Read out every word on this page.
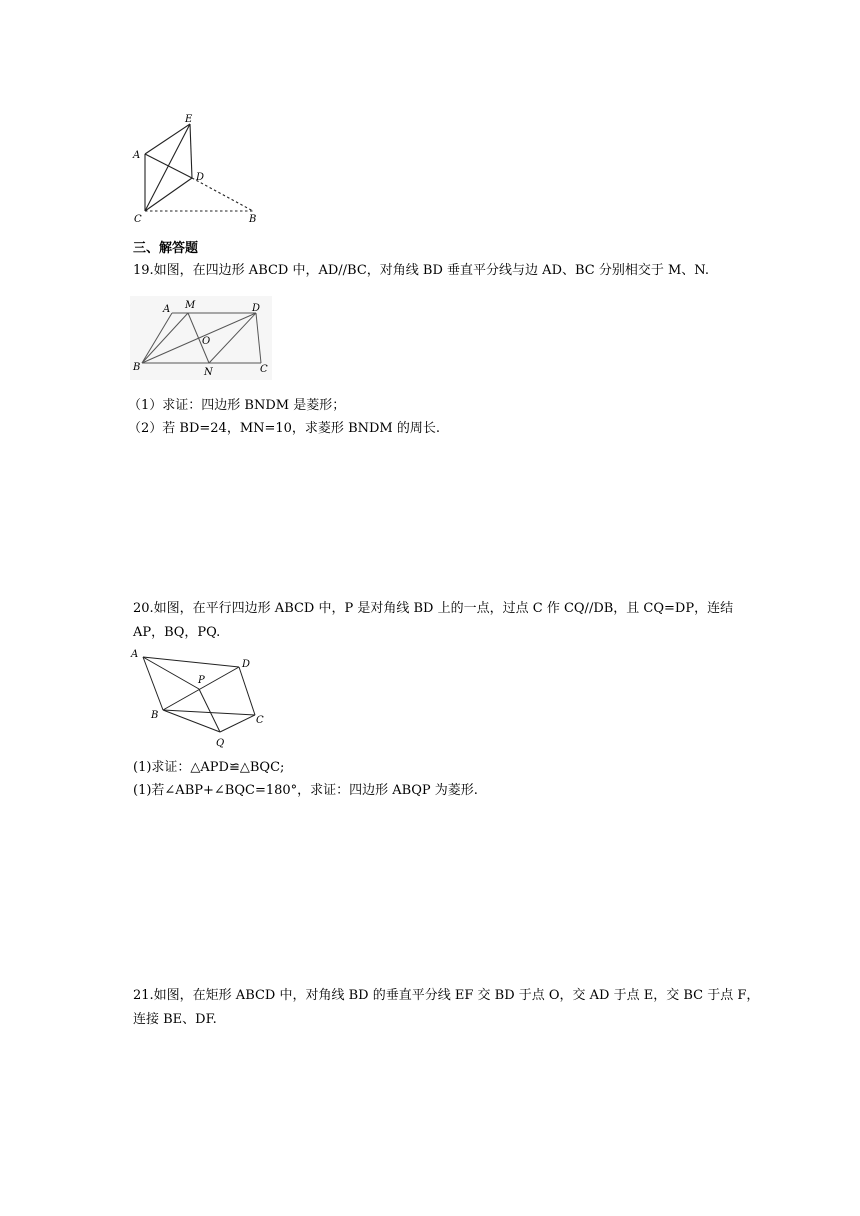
E
A
D
C	B
三、解答题
19.如图，在四边形 ABCD 中，AD//BC，对角线 BD 垂直平分线与边 AD、BC 分别相交于 M、N.
A M	D
O
B	N	C
（1）求证：四边形 BNDM 是菱形；
（2）若 BD=24，MN=10，求菱形 BNDM 的周长.
20.如图，在平行四边形 ABCD 中，P 是对角线 BD 上的一点，过点 C 作 CQ//DB，且 CQ=DP，连结
AP，BQ，PQ.
A
D
P
B	C
Q
(1)求证：△APD≌△BQC;
(1)若∠ABP+∠BQC=180°，求证：四边形 ABQP 为菱形.
21.如图，在矩形 ABCD 中，对角线 BD 的垂直平分线 EF 交 BD 于点 O，交 AD 于点 E，交 BC 于点 F，
连接 BE、DF.
